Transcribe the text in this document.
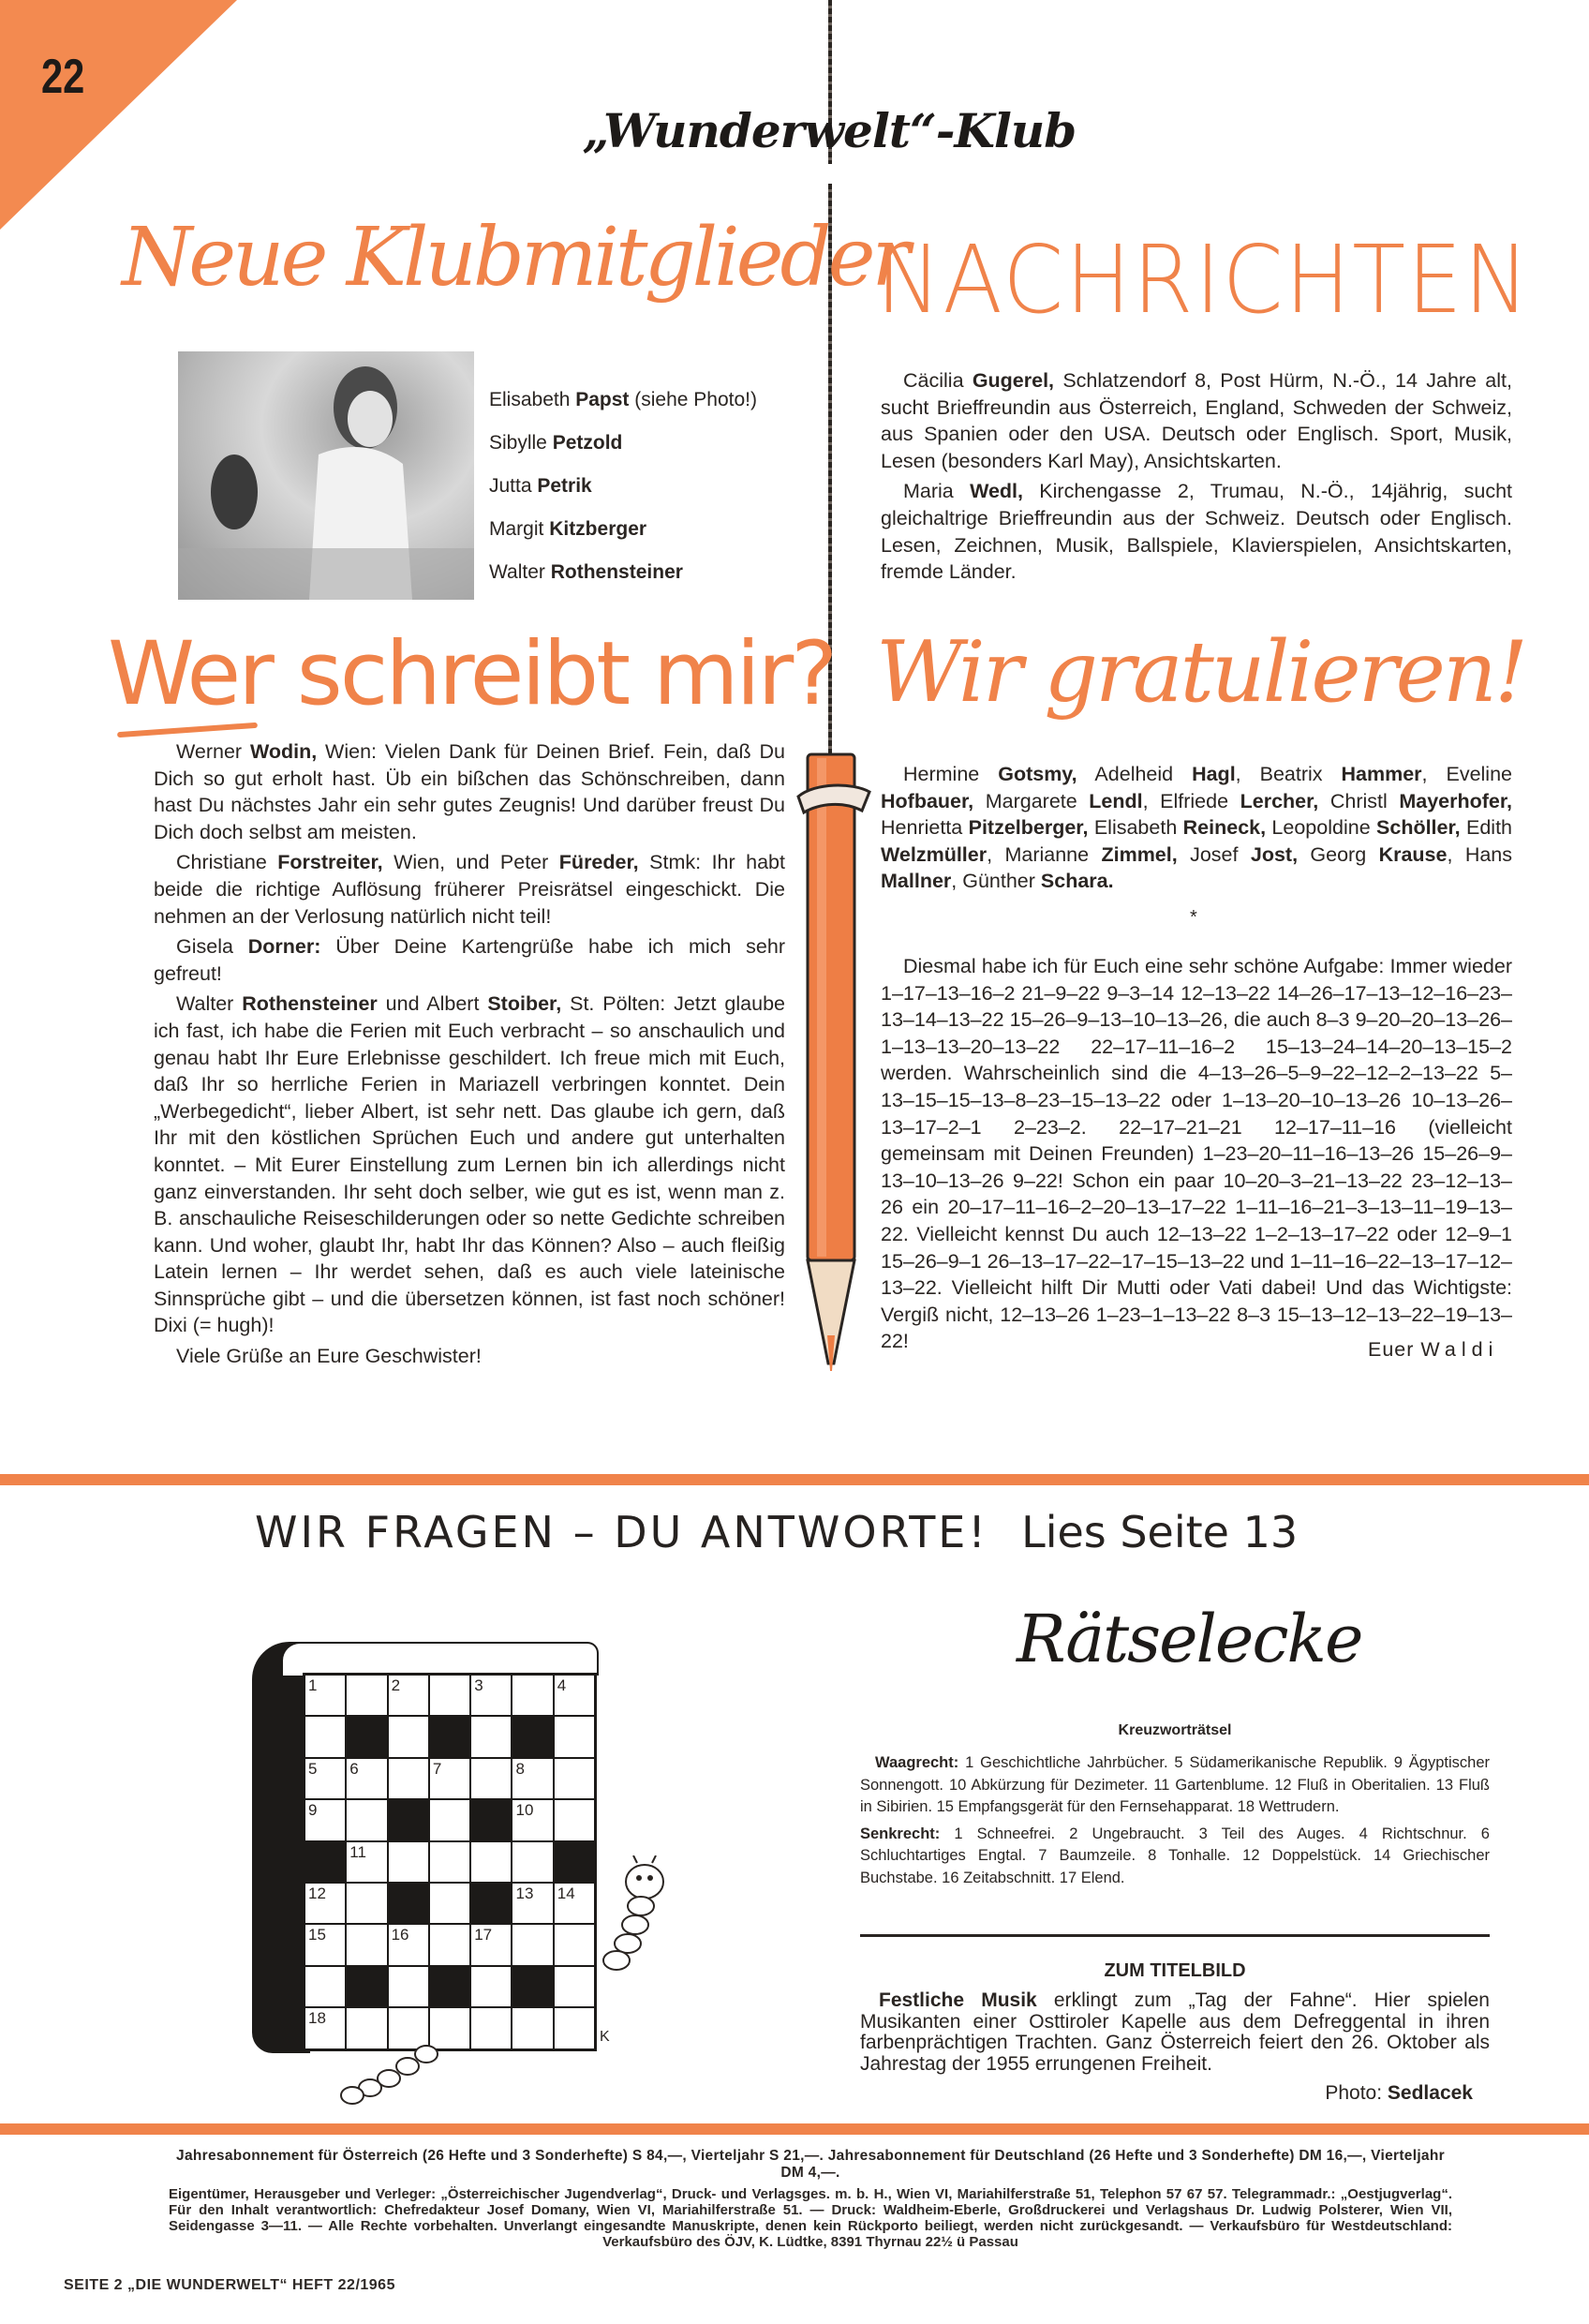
22
„Wunderwelt“-Klub
Neue Klubmitglieder
NACHRICHTEN
Elisabeth Papst (siehe Photo!)
Sibylle Petzold
Jutta Petrik
Margit Kitzberger
Walter Rothensteiner

Cäcilia Gugerel, Schlatzendorf 8, Post Hürm, N.-Ö., 14 Jahre alt, sucht Brieffreundin aus Österreich, England, Schweden der Schweiz, aus Spanien oder den USA. Deutsch oder Englisch. Sport, Musik, Lesen (besonders Karl May), Ansichtskarten.

Maria Wedl, Kirchengasse 2, Trumau, N.-Ö., 14jährig, sucht gleichaltrige Brieffreundin aus der Schweiz. Deutsch oder Englisch. Lesen, Zeichnen, Musik, Ballspiele, Klavierspielen, Ansichtskarten, fremde Länder.

Wer schreibt mir? Wir gratulieren!

Werner Wodin, Wien: Vielen Dank für Deinen Brief. Fein, daß Du Dich so gut erholt hast. Üb ein bißchen das Schönschreiben, dann hast Du nächstes Jahr ein sehr gutes Zeugnis! Und darüber freust Du Dich doch selbst am meisten.

Christiane Forstreiter, Wien, und Peter Füreder, Stmk: Ihr habt beide die richtige Auflösung früherer Preisrätsel eingeschickt. Die nehmen an der Verlosung natürlich nicht teil!

Gisela Dorner: Über Deine Kartengrüße habe ich mich sehr gefreut!

Walter Rothensteiner und Albert Stoiber, St. Pölten: Jetzt glaube ich fast, ich habe die Ferien mit Euch verbracht – so anschaulich und genau habt Ihr Eure Erlebnisse geschildert. Ich freue mich mit Euch, daß Ihr so herrliche Ferien in Mariazell verbringen konntet. Dein „Werbegedicht“, lieber Albert, ist sehr nett. Das glaube ich gern, daß Ihr mit den köstlichen Sprüchen Euch und andere gut unterhalten konntet. – Mit Eurer Einstellung zum Lernen bin ich allerdings nicht ganz einverstanden. Ihr seht doch selber, wie gut es ist, wenn man z. B. anschauliche Reiseschilderungen oder so nette Gedichte schreiben kann. Und woher, glaubt Ihr, habt Ihr das Können? Also – auch fleißig Latein lernen – Ihr werdet sehen, daß es auch viele lateinische Sinnsprüche gibt – und die übersetzen können, ist fast noch schöner! Dixi (= hugh)!

Viele Grüße an Eure Geschwister!

Hermine Gotsmy, Adelheid Hagl, Beatrix Hammer, Eveline Hofbauer, Margarete Lendl, Elfriede Lercher, Christl Mayerhofer, Henrietta Pitzelberger, Elisabeth Reineck, Leopoldine Schöller, Edith Welzmüller, Marianne Zimmel, Josef Jost, Georg Krause, Hans Mallner, Günther Schara.

*

Diesmal habe ich für Euch eine sehr schöne Aufgabe: Immer wieder 1–17–13–16–2 21–9–22 9–3–14 12–13–22 14–26–17–13–12–16–23–13–14–13–22 15–26–9–13–10–13–26, die auch 8–3 9–20–20–13–26–1–13–13–20–13–22 22–17–11–16–2 15–13–24–14–20–13–15–2 werden. Wahrscheinlich sind die 4–13–26–5–9–22–12–2–13–22 5–13–15–15–13–8–23–15–13–22 oder 1–13–20–10–13–26 10–13–26–13–17–2–1 2–23–2. 22–17–21–21 12–17–11–16 (vielleicht gemeinsam mit Deinen Freunden) 1–23–20–11–16–13–26 15–26–9–13–10–13–26 9–22! Schon ein paar 10–20–3–21–13–22 23–12–13–26 ein 20–17–11–16–2–20–13–17–22 1–11–16–21–3–13–11–19–13–22. Vielleicht kennst Du auch 12–13–22 1–2–13–17–22 oder 12–9–1 15–26–9–1 26–13–17–22–17–15–13–22 und 1–11–16–22–13–17–12–13–22. Vielleicht hilft Dir Mutti oder Vati dabei! Und das Wichtigste: Vergiß nicht, 12–13–26 1–23–1–13–22 8–3 15–13–12–13–22–19–13–22!	Euer Waldi
WIR FRAGEN – DU ANTWORTE! Lies Seite 13
Rätselecke
1	2	3	4
5 6	7	8
9	10
11
12	13 14
15	16	17
18
K
Kreuzworträtsel

Waagrecht: 1 Geschichtliche Jahrbücher. 5 Südamerikanische Republik. 9 Ägyptischer Sonnengott. 10 Abkürzung für Dezimeter. 11 Gartenblume. 12 Fluß in Oberitalien. 13 Fluß in Sibirien. 15 Empfangsgerät für den Fernsehapparat. 18 Wettrudern.

Senkrecht: 1 Schneefrei. 2 Ungebraucht. 3 Teil des Auges. 4 Richtschnur. 6 Schluchtartiges Engtal. 7 Baumzeile. 8 Tonhalle. 12 Doppelstück. 14 Griechischer Buchstabe. 16 Zeitabschnitt. 17 Elend.

ZUM TITELBILD

Festliche Musik erklingt zum „Tag der Fahne“. Hier spielen Musikanten einer Osttiroler Kapelle aus dem Defreggental in ihren farbenprächtigen Trachten. Ganz Österreich feiert den 26. Oktober als Jahrestag der 1955 errungenen Freiheit.

Photo: Sedlacek
Jahresabonnement für Österreich (26 Hefte und 3 Sonderhefte) S 84,—, Vierteljahr S 21,—. Jahresabonnement für Deutschland (26 Hefte und 3 Sonderhefte) DM 16,—, Vierteljahr DM 4,—.
Eigentümer, Herausgeber und Verleger: „Österreichischer Jugendverlag“, Druck- und Verlagsges. m. b. H., Wien VI, Mariahilferstraße 51, Telephon 57 67 57. Telegrammadr.: „Oestjugverlag“. Für den Inhalt verantwortlich: Chefredakteur Josef Domany, Wien VI, Mariahilferstraße 51. — Druck: Waldheim-Eberle, Großdruckerei und Verlagshaus Dr. Ludwig Polsterer, Wien VII, Seidengasse 3—11. — Alle Rechte vorbehalten. Unverlangt eingesandte Manuskripte, denen kein Rückporto beiliegt, werden nicht zurückgesandt. — Verkaufsbüro für Westdeutschland: Verkaufsbüro des ÖJV, K. Lüdtke, 8391 Thyrnau 22½ ü Passau
SEITE 2 „DIE WUNDERWELT“ HEFT 22/1965
